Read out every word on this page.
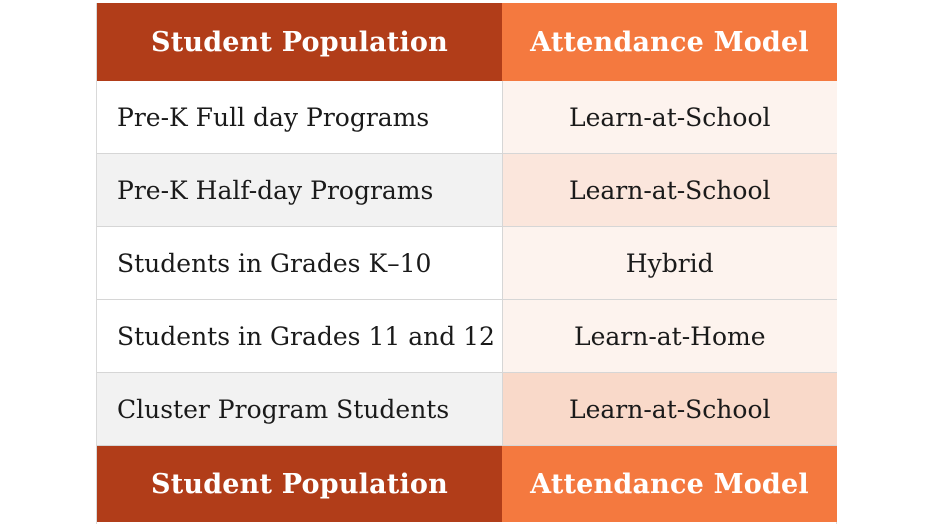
Student Population	Attendance Model
Pre-K Full day Programs	Learn-at-School
Pre-K Half-day Programs	Learn-at-School
Students in Grades K–10	Hybrid
Students in Grades 11 and 12	Learn-at-Home
Cluster Program Students	Learn-at-School
Student Population	Attendance Model
